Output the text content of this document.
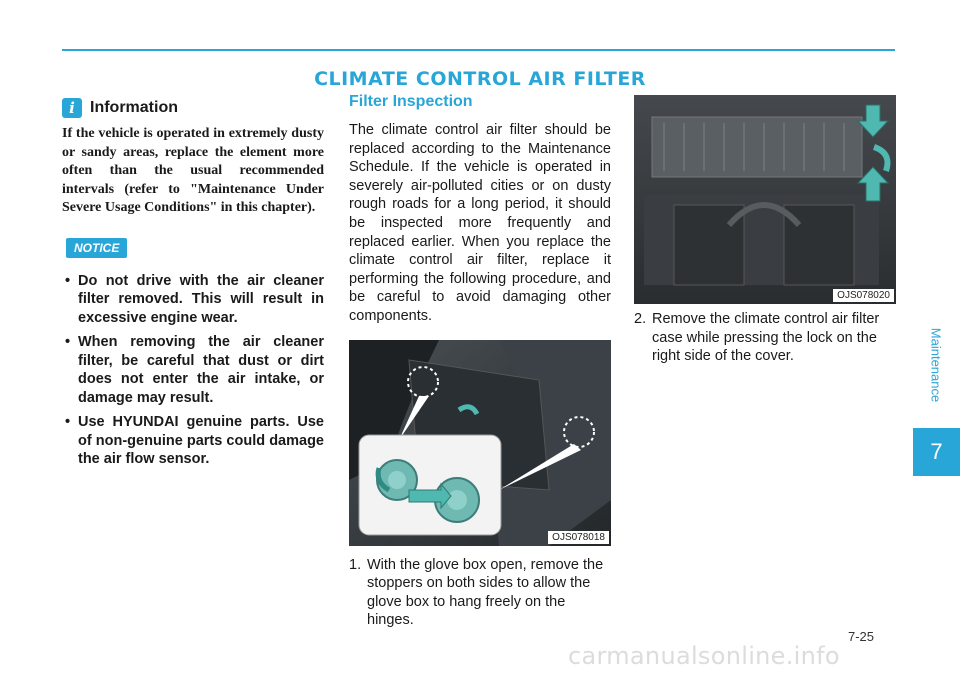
CLIMATE CONTROL AIR FILTER
i Information
If the vehicle is operated in extremely dusty or sandy areas, replace the element more often than the usual recommended intervals (refer to "Maintenance Under Severe Usage Conditions" in this chapter).
NOTICE
• Do not drive with the air cleaner filter removed. This will result in excessive engine wear.
• When removing the air cleaner filter, be careful that dust or dirt does not enter the air intake, or damage may result.
• Use HYUNDAI genuine parts. Use of non-genuine parts could damage the air flow sensor.
Filter Inspection
The climate control air filter should be replaced according to the Maintenance Schedule. If the vehicle is operated in severely air-polluted cities or on dusty rough roads for a long period, it should be inspected more frequently and replaced earlier. When you replace the climate control air filter, replace it performing the following procedure, and be careful to avoid damaging other components.
OJS078018
1. With the glove box open, remove the stoppers on both sides to allow the glove box to hang freely on the hinges.
OJS078020
2. Remove the climate control air filter case while pressing the lock on the right side of the cover.	Maintenance
7
7-25
carmanualsonline.info
